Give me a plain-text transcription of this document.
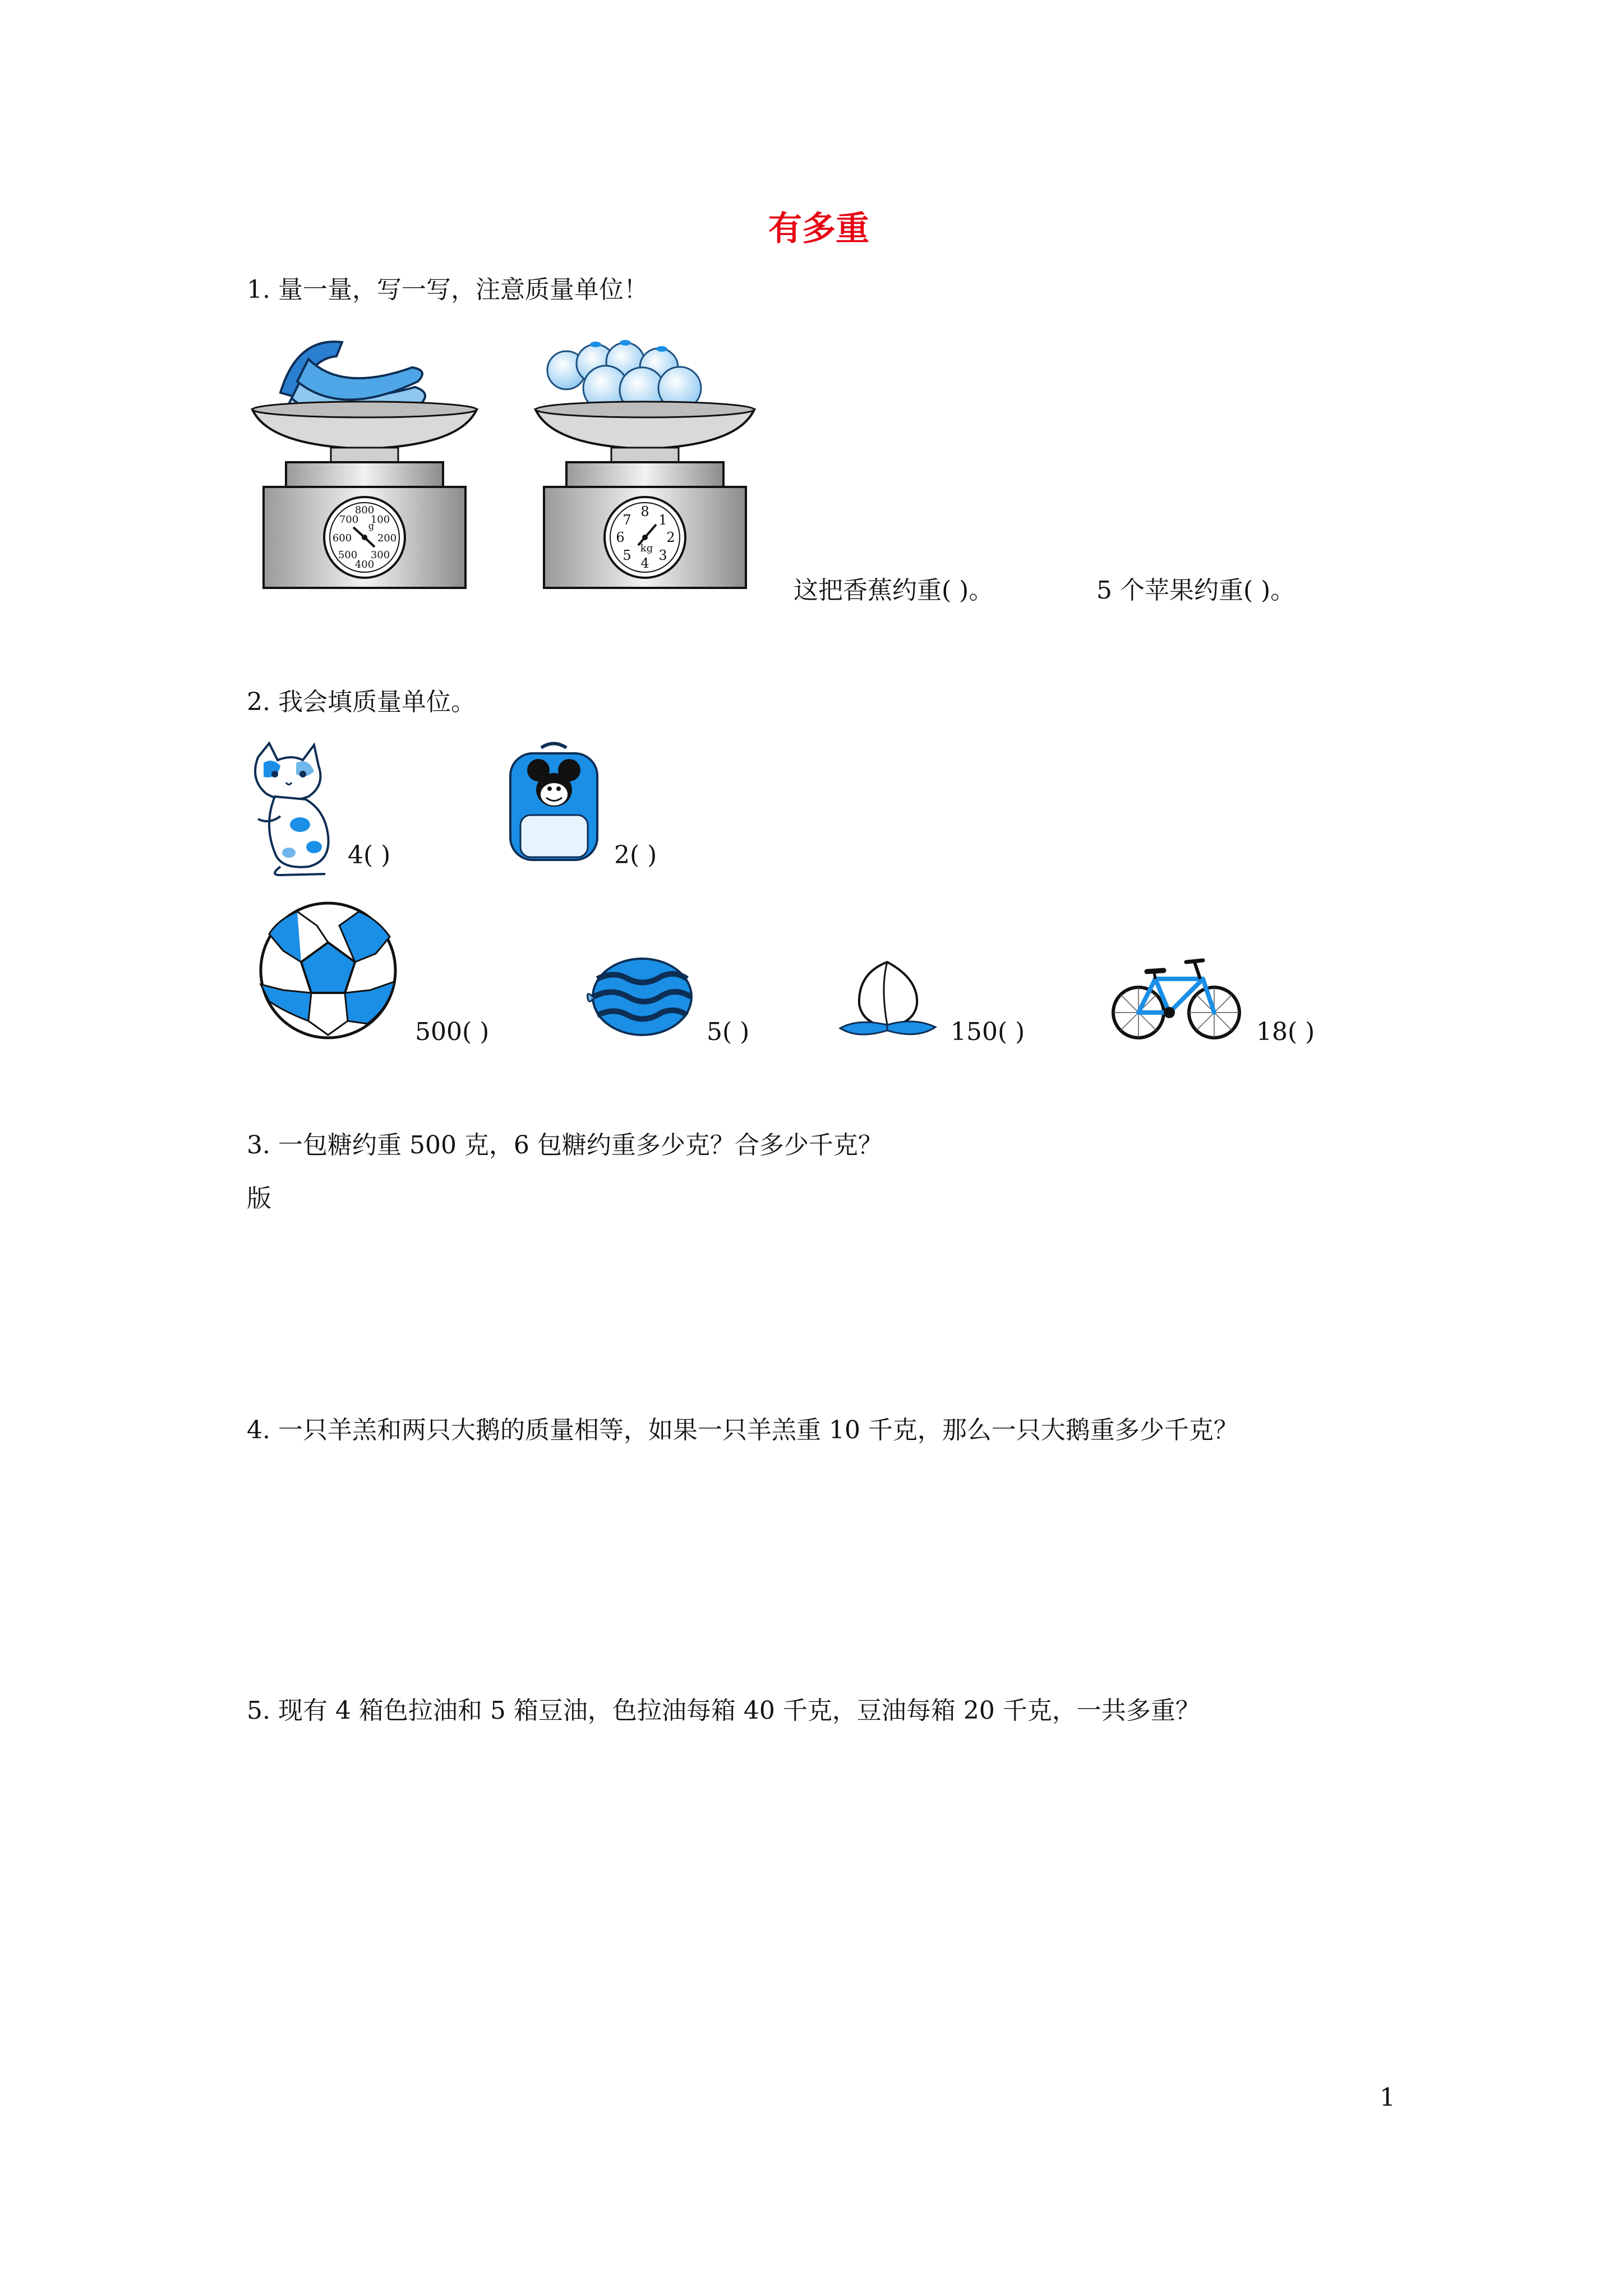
有多重
1. 量一量，写一写，注意质量单位！
800
100
200
300
400
500
600
700
g
8
1
2
3
4
5
6
7
kg
这把香蕉约重( )。	5 个苹果约重( )。
2. 我会填质量单位。
4( )	2( )
500( )	5( )	150( )	18( )
3. 一包糖约重 500 克，6 包糖约重多少克？合多少千克？
版
4. 一只羊羔和两只大鹅的质量相等，如果一只羊羔重 10 千克，那么一只大鹅重多少千克？
5. 现有 4 箱色拉油和 5 箱豆油，色拉油每箱 40 千克，豆油每箱 20 千克，一共多重？
1
